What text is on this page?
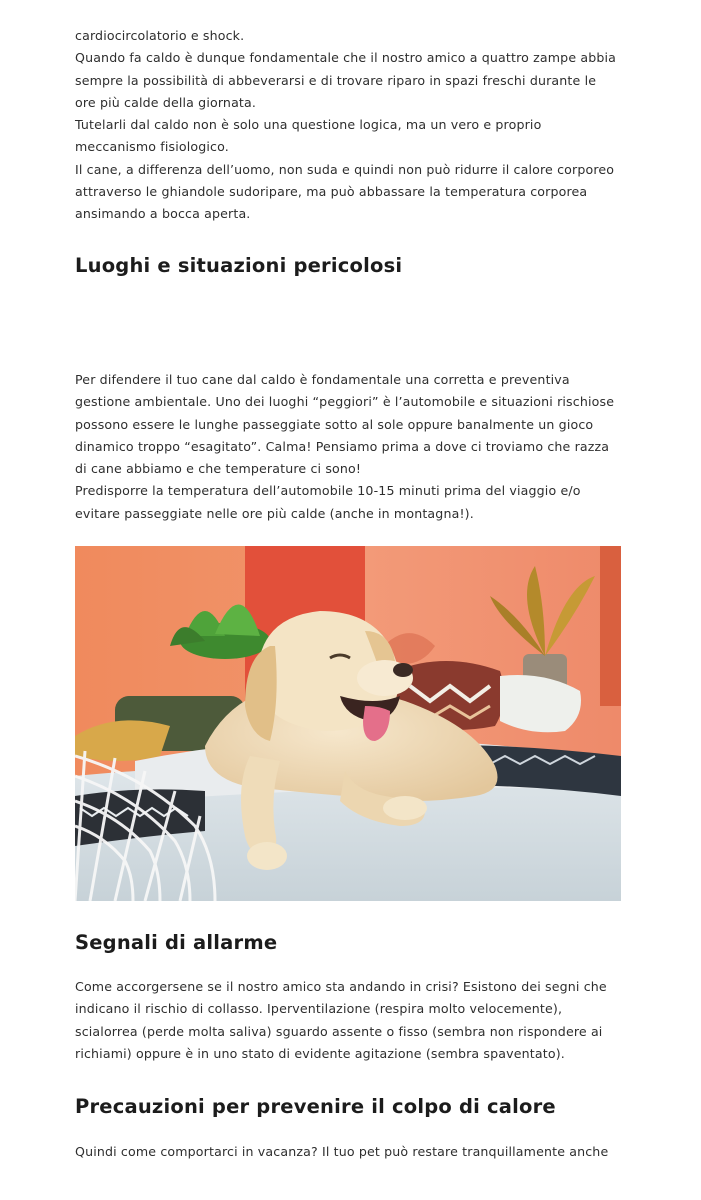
cardiocircolatorio e shock.
Quando fa caldo è dunque fondamentale che il nostro amico a quattro zampe abbia
sempre la possibilità di abbeverarsi e di trovare riparo in spazi freschi durante le
ore più calde della giornata.
Tutelarli dal caldo non è solo una questione logica, ma un vero e proprio
meccanismo fisiologico.
Il cane, a differenza dell’uomo, non suda e quindi non può ridurre il calore corporeo
attraverso le ghiandole sudoripare, ma può abbassare la temperatura corporea
ansimando a bocca aperta.

Luoghi e situazioni pericolosi

Per difendere il tuo cane dal caldo è fondamentale una corretta e preventiva
gestione ambientale. Uno dei luoghi “peggiori” è l’automobile e situazioni rischiose
possono essere le lunghe passeggiate sotto al sole oppure banalmente un gioco
dinamico troppo “esagitato”. Calma! Pensiamo prima a dove ci troviamo che razza
di cane abbiamo e che temperature ci sono!
Predisporre la temperatura dell’automobile 10-15 minuti prima del viaggio e/o
evitare passeggiate nelle ore più calde (anche in montagna!).

Segnali di allarme

Come accorgersene se il nostro amico sta andando in crisi? Esistono dei segni che
indicano il rischio di collasso. Iperventilazione (respira molto velocemente),
scialorrea (perde molta saliva) sguardo assente o fisso (sembra non rispondere ai
richiami) oppure è in uno stato di evidente agitazione (sembra spaventato).

Precauzioni per prevenire il colpo di calore

Quindi come comportarci in vacanza? Il tuo pet può restare tranquillamente anche
